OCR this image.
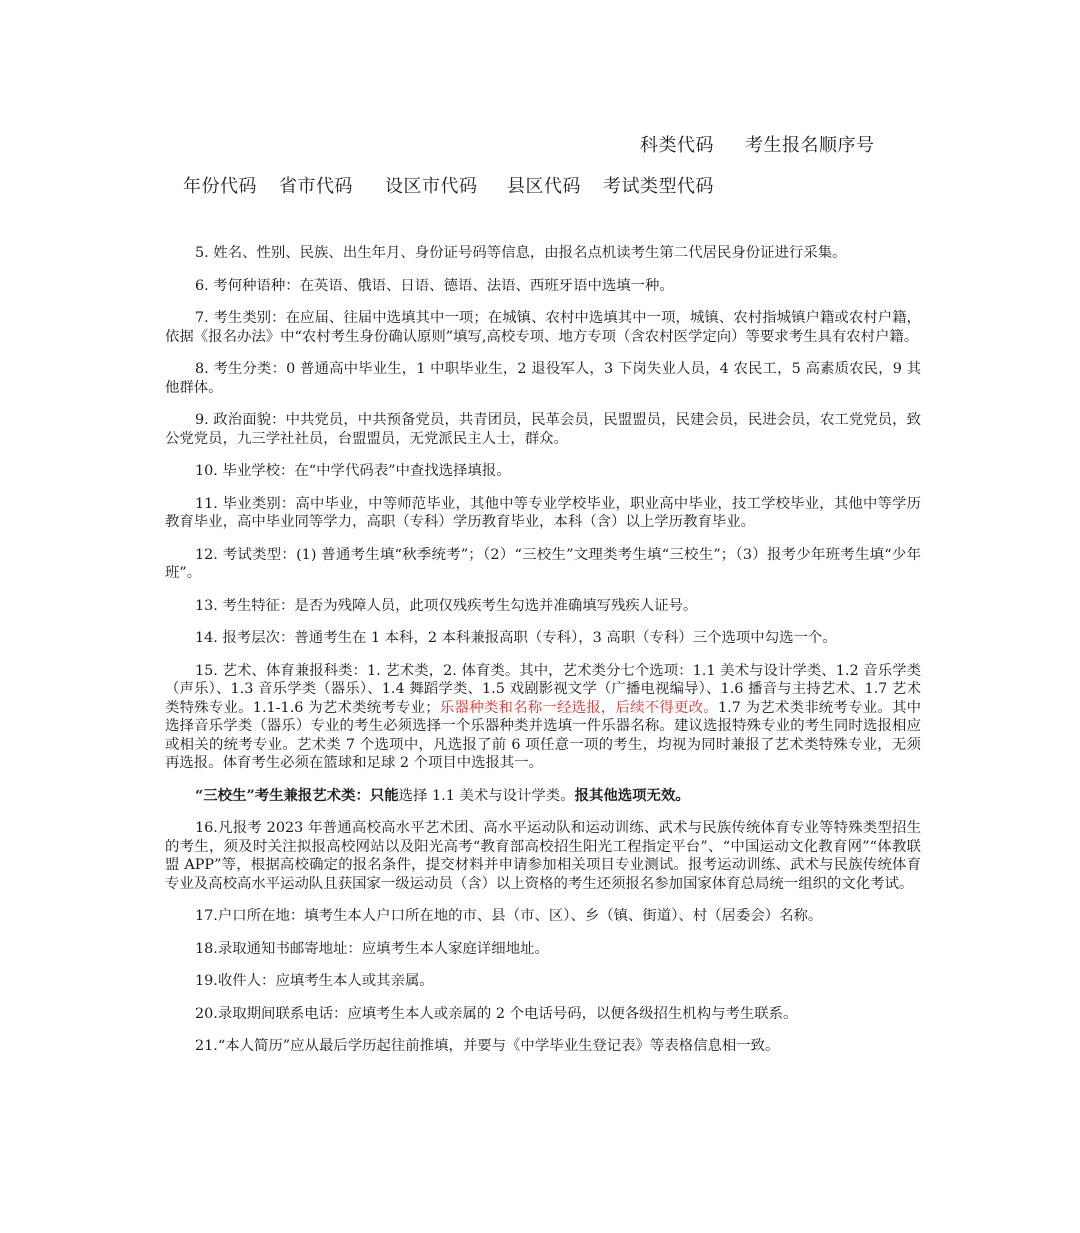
科类代码 考生报名顺序号
年份代码 省市代码 设区市代码 县区代码 考试类型代码

5. 姓名、性别、民族、出生年月、身份证号码等信息，由报名点机读考生第二代居民身份证进行采集。

6. 考何种语种：在英语、俄语、日语、德语、法语、西班牙语中选填一种。

7. 考生类别：在应届、往届中选填其中一项；在城镇、农村中选填其中一项，城镇、农村指城镇户籍或农村户籍，依据《报名办法》中“农村考生身份确认原则”填写,高校专项、地方专项（含农村医学定向）等要求考生具有农村户籍。

8. 考生分类：0 普通高中毕业生，1 中职毕业生，2 退役军人，3 下岗失业人员，4 农民工，5 高素质农民，9 其他群体。

9. 政治面貌：中共党员，中共预备党员，共青团员，民革会员，民盟盟员，民建会员，民进会员，农工党党员，致公党党员，九三学社社员，台盟盟员，无党派民主人士，群众。

10. 毕业学校：在“中学代码表”中查找选择填报。

11. 毕业类别：高中毕业，中等师范毕业，其他中等专业学校毕业，职业高中毕业，技工学校毕业，其他中等学历教育毕业，高中毕业同等学力，高职（专科）学历教育毕业，本科（含）以上学历教育毕业。

12. 考试类型：(1) 普通考生填“秋季统考”；（2）“三校生”文理类考生填“三校生”；（3）报考少年班考生填“少年班”。

13. 考生特征：是否为残障人员，此项仅残疾考生勾选并准确填写残疾人证号。

14. 报考层次：普通考生在 1 本科，2 本科兼报高职（专科），3 高职（专科）三个选项中勾选一个。

15. 艺术、体育兼报科类：1. 艺术类，2. 体育类。其中，艺术类分七个选项：1.1 美术与设计学类、1.2 音乐学类（声乐）、1.3 音乐学类（器乐）、1.4 舞蹈学类、1.5 戏剧影视文学（广播电视编导）、1.6 播音与主持艺术、1.7 艺术类特殊专业。1.1-1.6 为艺术类统考专业；乐器种类和名称一经选报，后续不得更改。1.7 为艺术类非统考专业。其中选择音乐学类（器乐）专业的考生必须选择一个乐器种类并选填一件乐器名称。建议选报特殊专业的考生同时选报相应或相关的统考专业。艺术类 7 个选项中，凡选报了前 6 项任意一项的考生，均视为同时兼报了艺术类特殊专业，无须再选报。体育考生必须在篮球和足球 2 个项目中选报其一。

“三校生”考生兼报艺术类：只能选择 1.1 美术与设计学类。报其他选项无效。

16.凡报考 2023 年普通高校高水平艺术团、高水平运动队和运动训练、武术与民族传统体育专业等特殊类型招生的考生，须及时关注拟报高校网站以及阳光高考“教育部高校招生阳光工程指定平台”、“中国运动文化教育网”“体教联盟 APP”等，根据高校确定的报名条件，提交材料并申请参加相关项目专业测试。报考运动训练、武术与民族传统体育专业及高校高水平运动队且获国家一级运动员（含）以上资格的考生还须报名参加国家体育总局统一组织的文化考试。

17.户口所在地：填考生本人户口所在地的市、县（市、区）、乡（镇、街道）、村（居委会）名称。

18.录取通知书邮寄地址：应填考生本人家庭详细地址。

19.收件人：应填考生本人或其亲属。

20.录取期间联系电话：应填考生本人或亲属的 2 个电话号码，以便各级招生机构与考生联系。

21.“本人简历”应从最后学历起往前推填，并要与《中学毕业生登记表》等表格信息相一致。
